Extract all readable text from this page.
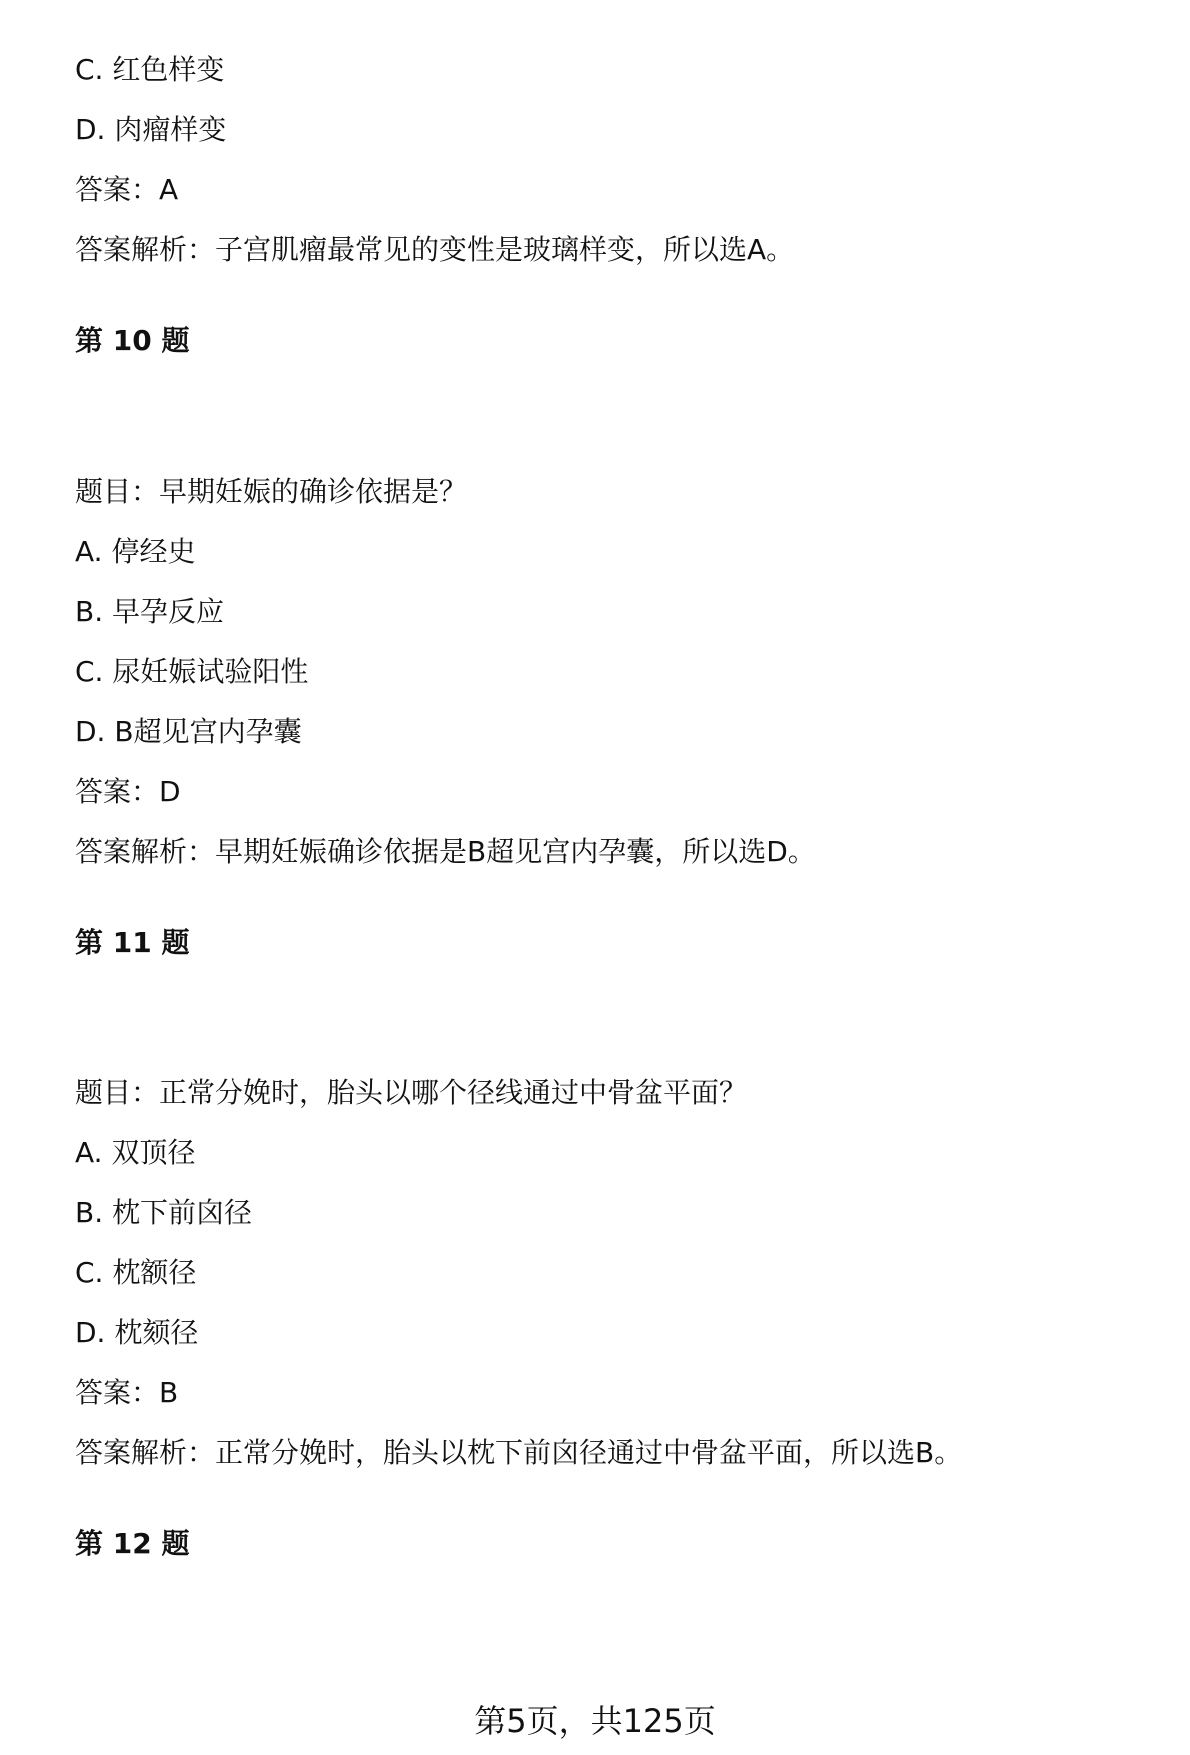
C. 红色样变
D. 肉瘤样变
答案：A
答案解析：子宫肌瘤最常见的变性是玻璃样变，所以选A。
第 10 题
题目：早期妊娠的确诊依据是？
A. 停经史
B. 早孕反应
C. 尿妊娠试验阳性
D. B超见宫内孕囊
答案：D
答案解析：早期妊娠确诊依据是B超见宫内孕囊，所以选D。
第 11 题
题目：正常分娩时，胎头以哪个径线通过中骨盆平面？
A. 双顶径
B. 枕下前囟径
C. 枕额径
D. 枕颏径
答案：B
答案解析：正常分娩时，胎头以枕下前囟径通过中骨盆平面，所以选B。
第 12 题
第5页，共125页
